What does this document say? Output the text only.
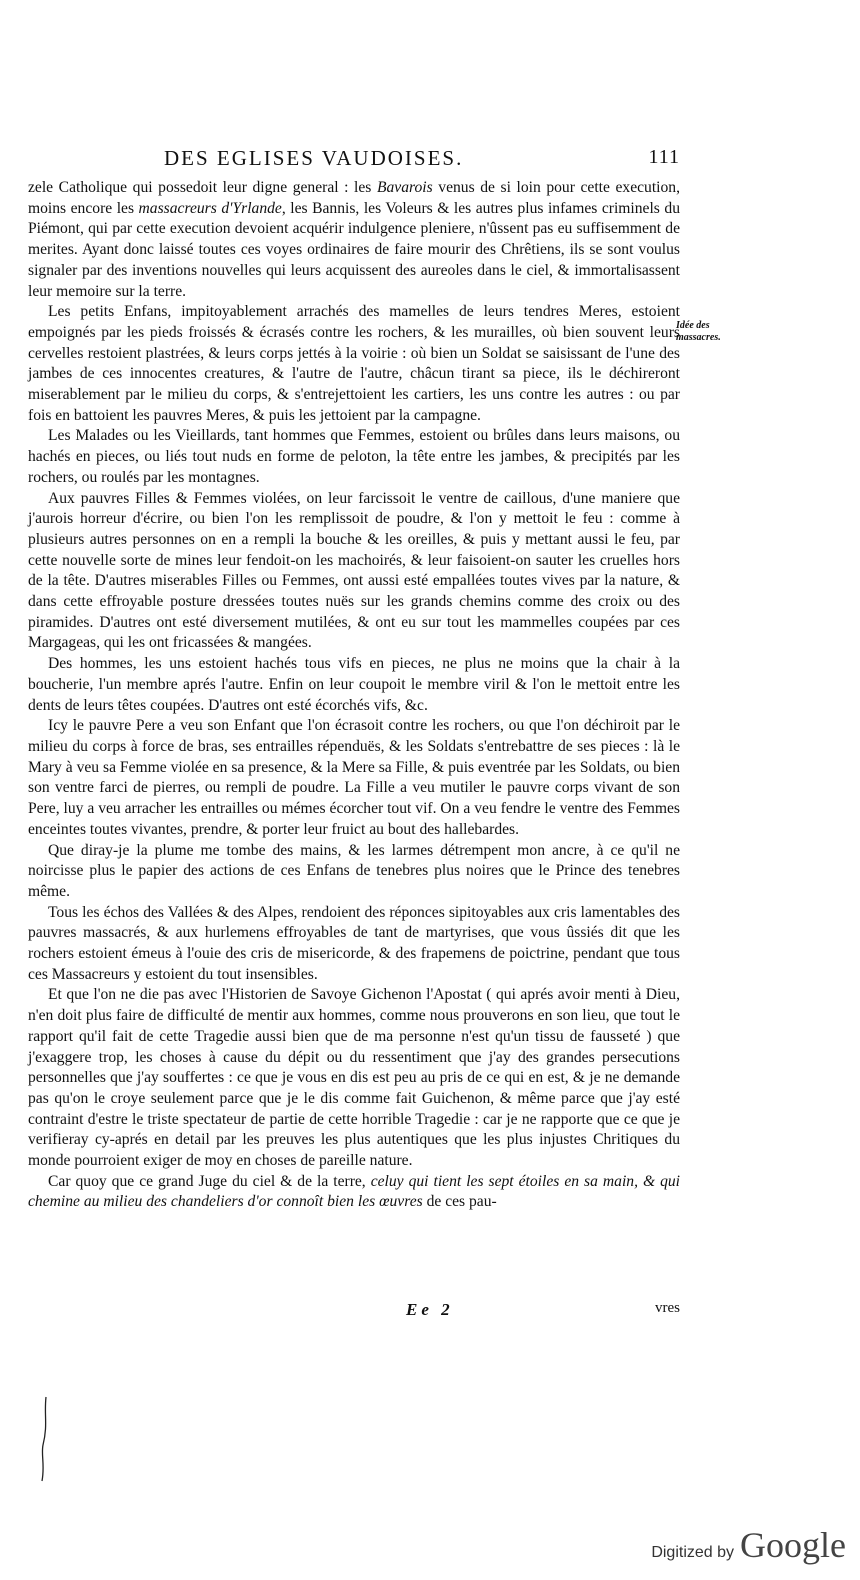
DES EGLISES VAUDOISES.	111
Idée des
massacres.

zele Catholique qui possedoit leur digne general : les Bavarois venus de si loin pour cette execution, moins encore les massacreurs d'Yrlande, les Bannis, les Voleurs & les autres plus infames criminels du Piémont, qui par cette execution devoient acquérir indulgence pleniere, n'ûssent pas eu suffisemment de merites. Ayant donc laissé toutes ces voyes ordinaires de faire mourir des Chrêtiens, ils se sont voulus signaler par des inventions nouvelles qui leurs acquissent des aureoles dans le ciel, & immortalisassent leur memoire sur la terre.

Les petits Enfans, impitoyablement arrachés des mamelles de leurs tendres Meres, estoient empoignés par les pieds froissés & écrasés contre les rochers, & les murailles, où bien souvent leurs cervelles restoient plastrées, & leurs corps jettés à la voirie : où bien un Soldat se saisissant de l'une des jambes de ces innocentes creatures, & l'autre de l'autre, châcun tirant sa piece, ils le déchireront miserablement par le milieu du corps, & s'entrejettoient les cartiers, les uns contre les autres : ou par fois en battoient les pauvres Meres, & puis les jettoient par la campagne.

Les Malades ou les Vieillards, tant hommes que Femmes, estoient ou brûles dans leurs maisons, ou hachés en pieces, ou liés tout nuds en forme de peloton, la tête entre les jambes, & precipités par les rochers, ou roulés par les montagnes.

Aux pauvres Filles & Femmes violées, on leur farcissoit le ventre de caillous, d'une maniere que j'aurois horreur d'écrire, ou bien l'on les remplissoit de poudre, & l'on y mettoit le feu : comme à plusieurs autres personnes on en a rempli la bouche & les oreilles, & puis y mettant aussi le feu, par cette nouvelle sorte de mines leur fendoit-on les machoirés, & leur faisoient-on sauter les cruelles hors de la tête. D'autres miserables Filles ou Femmes, ont aussi esté empallées toutes vives par la nature, & dans cette effroyable posture dressées toutes nuës sur les grands chemins comme des croix ou des piramides. D'autres ont esté diversement mutilées, & ont eu sur tout les mammelles coupées par ces Margageas, qui les ont fricassées & mangées.

Des hommes, les uns estoient hachés tous vifs en pieces, ne plus ne moins que la chair à la boucherie, l'un membre aprés l'autre. Enfin on leur coupoit le membre viril & l'on le mettoit entre les dents de leurs têtes coupées. D'autres ont esté écorchés vifs, &c.

Icy le pauvre Pere a veu son Enfant que l'on écrasoit contre les rochers, ou que l'on déchiroit par le milieu du corps à force de bras, ses entrailles répenduës, & les Soldats s'entrebattre de ses pieces : là le Mary à veu sa Femme violée en sa presence, & la Mere sa Fille, & puis eventrée par les Soldats, ou bien son ventre farci de pierres, ou rempli de poudre. La Fille a veu mutiler le pauvre corps vivant de son Pere, luy a veu arracher les entrailles ou mémes écorcher tout vif. On a veu fendre le ventre des Femmes enceintes toutes vivantes, prendre, & porter leur fruict au bout des hallebardes.

Que diray-je la plume me tombe des mains, & les larmes détrempent mon ancre, à ce qu'il ne noircisse plus le papier des actions de ces Enfans de tenebres plus noires que le Prince des tenebres même.

Tous les échos des Vallées & des Alpes, rendoient des réponces sipitoyables aux cris lamentables des pauvres massacrés, & aux hurlemens effroyables de tant de martyrises, que vous ûssiés dit que les rochers estoient émeus à l'ouie des cris de misericorde, & des frapemens de poictrine, pendant que tous ces Massacreurs y estoient du tout insensibles.

Et que l'on ne die pas avec l'Historien de Savoye Gichenon l'Apostat ( qui aprés avoir menti à Dieu, n'en doit plus faire de difficulté de mentir aux hommes, comme nous prouverons en son lieu, que tout le rapport qu'il fait de cette Tragedie aussi bien que de ma personne n'est qu'un tissu de fausseté ) que j'exaggere trop, les choses à cause du dépit ou du ressentiment que j'ay des grandes persecutions personnelles que j'ay souffertes : ce que je vous en dis est peu au pris de ce qui en est, & je ne demande pas qu'on le croye seulement parce que je le dis comme fait Guichenon, & même parce que j'ay esté contraint d'estre le triste spectateur de partie de cette horrible Tragedie : car je ne rapporte que ce que je verifieray cy-aprés en detail par les preuves les plus autentiques que les plus injustes Chritiques du monde pourroient exiger de moy en choses de pareille nature.

Car quoy que ce grand Juge du ciel & de la terre, celuy qui tient les sept étoiles en sa main, & qui chemine au milieu des chandeliers d'or connoît bien les œuvres de ces pau-

Ee 2	vres
Digitized by Google
